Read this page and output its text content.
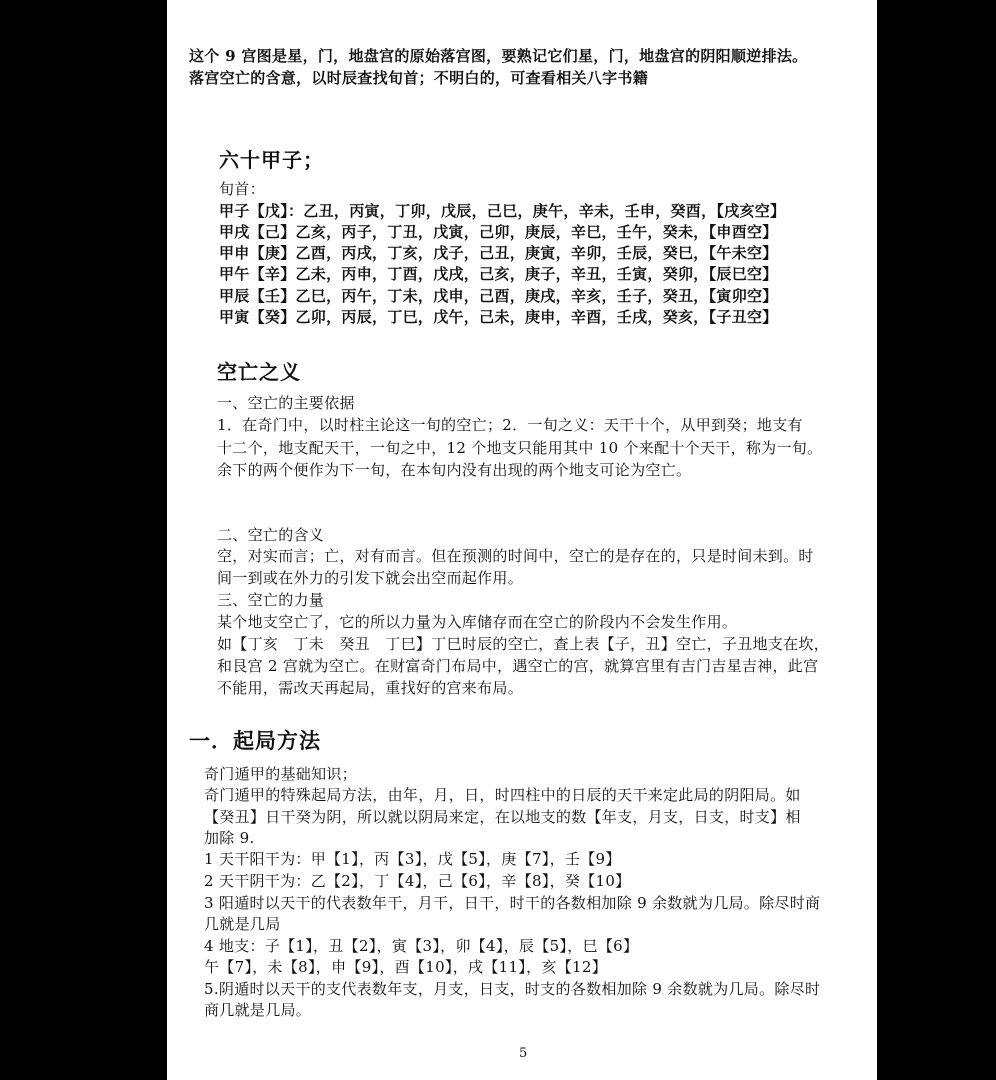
这个 9 宫图是星，门，地盘宫的原始落宫图，要熟记它们星，门，地盘宫的阴阳顺逆排法。
落宫空亡的含意，以时辰查找旬首；不明白的，可查看相关八字书籍
六十甲子；
旬首：
甲子【戊】：乙丑，丙寅，丁卯，戊辰，己巳，庚午，辛未，壬申，癸酉，【戌亥空】
甲戌【己】乙亥，丙子，丁丑，戊寅，己卯，庚辰，辛巳，壬午，癸未，【申酉空】
甲申【庚】乙酉，丙戌，丁亥，戊子，己丑，庚寅，辛卯，壬辰，癸巳，【午未空】
甲午【辛】乙未，丙申，丁酉，戊戌，己亥，庚子，辛丑，壬寅，癸卯，【辰巳空】
甲辰【壬】乙巳，丙午，丁未，戊申，己酉，庚戌，辛亥，壬子，癸丑，【寅卯空】
甲寅【癸】乙卯，丙辰，丁巳，戊午，己未，庚申，辛酉，壬戌，癸亥，【子丑空】
空亡之义
一、空亡的主要依据
1．在奇门中，以时柱主论这一旬的空亡；2．一旬之义：天干十个，从甲到癸；地支有
十二个，地支配天干，一旬之中，12 个地支只能用其中 10 个来配十个天干，称为一旬。
余下的两个便作为下一旬，在本旬内没有出现的两个地支可论为空亡。
二、空亡的含义
空，对实而言；亡，对有而言。但在预测的时间中，空亡的是存在的，只是时间未到。时
间一到或在外力的引发下就会出空而起作用。
三、空亡的力量
某个地支空亡了，它的所以力量为入库储存而在空亡的阶段内不会发生作用。
如【丁亥　丁未　癸丑　丁巳】丁巳时辰的空亡，查上表【子，丑】空亡，子丑地支在坎，
和艮宫 2 宫就为空亡。在财富奇门布局中，遇空亡的宫，就算宫里有吉门吉星吉神，此宫
不能用，需改天再起局，重找好的宫来布局。
一．起局方法
奇门遁甲的基础知识；
奇门遁甲的特殊起局方法，由年，月，日，时四柱中的日辰的天干来定此局的阴阳局。如
【癸丑】日干癸为阴，所以就以阴局来定，在以地支的数【年支，月支，日支，时支】相
加除 9.
1 天干阳干为：甲【1】，丙【3】，戊【5】，庚【7】，壬【9】
2 天干阴干为：乙【2】，丁【4】，己【6】，辛【8】，癸【10】
3 阳遁时以天干的代表数年干，月干，日干，时干的各数相加除 9 余数就为几局。除尽时商
几就是几局
4 地支：子【1】，丑【2】，寅【3】，卯【4】，辰【5】，巳【6】
午【7】，未【8】，申【9】，酉【10】，戌【11】，亥【12】
5.阴遁时以天干的支代表数年支，月支，日支，时支的各数相加除 9 余数就为几局。除尽时
商几就是几局。
5
